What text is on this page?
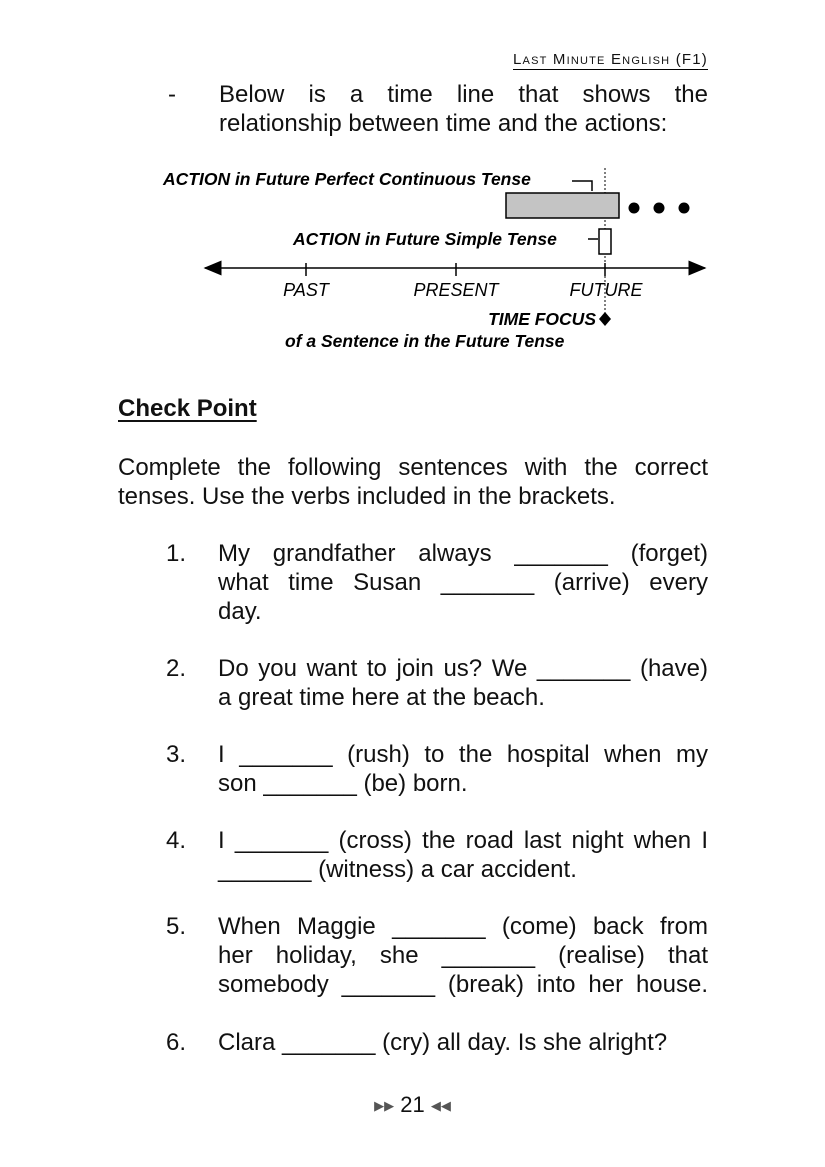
Last Minute English (F1)
- Below is a time line that shows the
relationship between time and the actions:
ACTION in Future Perfect Continuous Tense
ACTION in Future Simple Tense
PAST	PRESENT	FUTURE
TIME FOCUS
of a Sentence in the Future Tense
Check Point
Complete the following sentences with the correct tenses. Use the verbs included in the brackets.
1. My grandfather always _______ (forget)
what time Susan _______ (arrive) every
day.
2. Do you want to join us? We _______ (have)
a great time here at the beach.
3. I _______ (rush) to the hospital when my
son _______ (be) born.
4. I _______ (cross) the road last night when I
_______ (witness) a car accident.
5. When Maggie _______ (come) back from
her holiday, she _______ (realise) that
somebody _______ (break) into her house.
6. Clara _______ (cry) all day. Is she alright?
▶▶ 21 ◀◀
